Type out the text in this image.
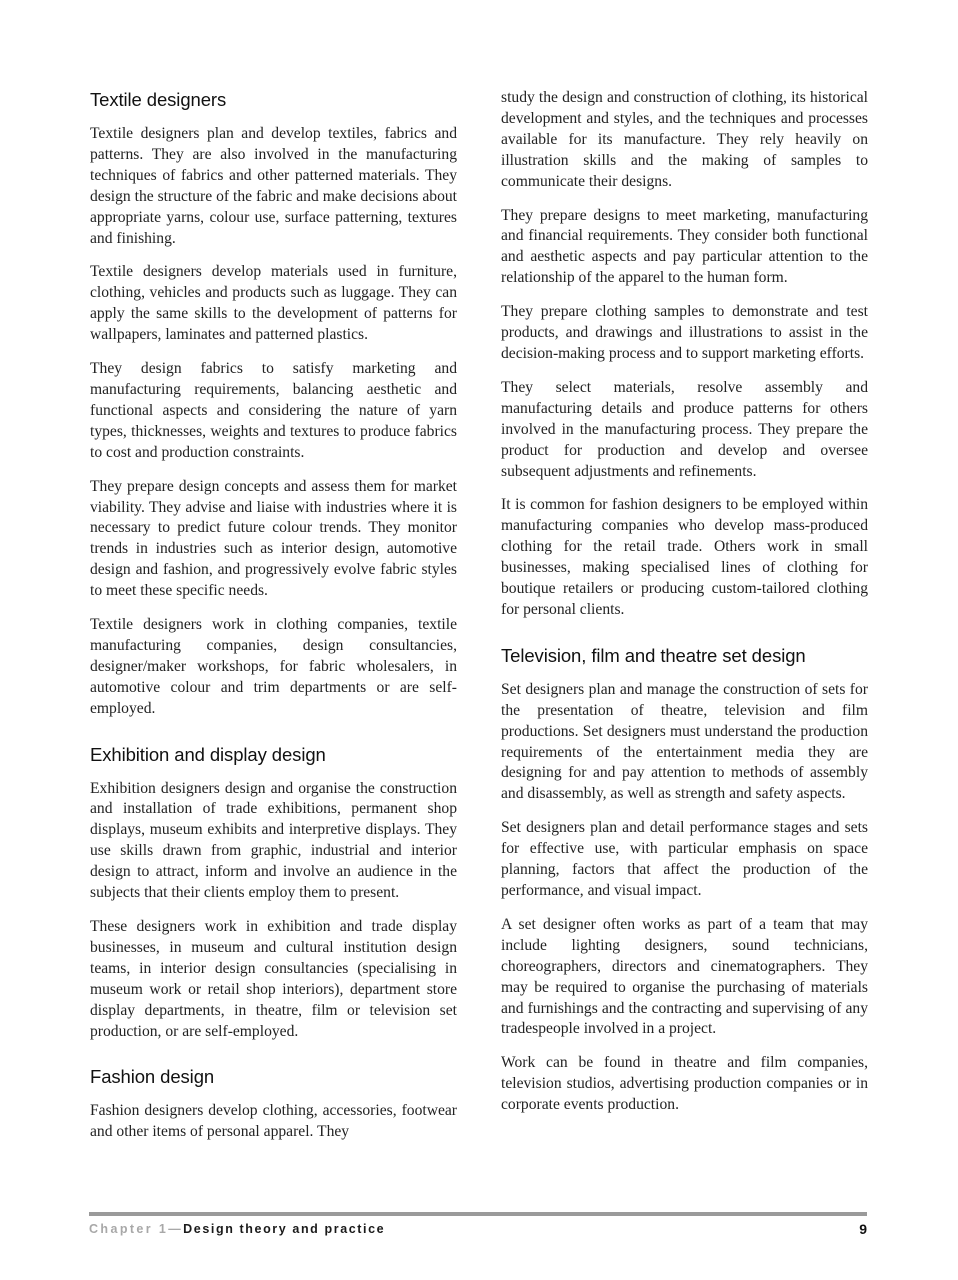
Textile designers

Textile designers plan and develop textiles, fabrics and patterns. They are also involved in the manufacturing techniques of fabrics and other patterned materials. They design the structure of the fabric and make decisions about appropriate yarns, colour use, surface patterning, textures and finishing.

Textile designers develop materials used in furniture, clothing, vehicles and products such as luggage. They can apply the same skills to the development of patterns for wallpapers, laminates and patterned plastics.

They design fabrics to satisfy marketing and manufacturing requirements, balancing aesthetic and functional aspects and considering the nature of yarn types, thicknesses, weights and textures to produce fabrics to cost and production constraints.

They prepare design concepts and assess them for market viability. They advise and liaise with industries where it is necessary to predict future colour trends. They monitor trends in industries such as interior design, automotive design and fashion, and progressively evolve fabric styles to meet these specific needs.

Textile designers work in clothing companies, textile manufacturing companies, design consultancies, designer/maker workshops, for fabric wholesalers, in automotive colour and trim departments or are self-employed.

Exhibition and display design

Exhibition designers design and organise the construction and installation of trade exhibitions, permanent shop displays, museum exhibits and interpretive displays. They use skills drawn from graphic, industrial and interior design to attract, inform and involve an audience in the subjects that their clients employ them to present.

These designers work in exhibition and trade display businesses, in museum and cultural institution design teams, in interior design consultancies (specialising in museum work or retail shop interiors), department store display departments, in theatre, film or television set production, or are self-employed.

Fashion design

Fashion designers develop clothing, accessories, footwear and other items of personal apparel. They

study the design and construction of clothing, its historical development and styles, and the techniques and processes available for its manufacture. They rely heavily on illustration skills and the making of samples to communicate their designs.

They prepare designs to meet marketing, manufacturing and financial requirements. They consider both functional and aesthetic aspects and pay particular attention to the relationship of the apparel to the human form.

They prepare clothing samples to demonstrate and test products, and drawings and illustrations to assist in the decision-making process and to support marketing efforts.

They select materials, resolve assembly and manufacturing details and produce patterns for others involved in the manufacturing process. They prepare the product for production and develop and oversee subsequent adjustments and refinements.

It is common for fashion designers to be employed within manufacturing companies who develop mass-produced clothing for the retail trade. Others work in small businesses, making specialised lines of clothing for boutique retailers or producing custom-tailored clothing for personal clients.

Television, film and theatre set design

Set designers plan and manage the construction of sets for the presentation of theatre, television and film productions. Set designers must understand the production requirements of the entertainment media they are designing for and pay attention to methods of assembly and disassembly, as well as strength and safety aspects.

Set designers plan and detail performance stages and sets for effective use, with particular emphasis on space planning, factors that affect the production of the performance, and visual impact.

A set designer often works as part of a team that may include lighting designers, sound technicians, choreographers, directors and cinematographers. They may be required to organise the purchasing of materials and furnishings and the contracting and supervising of any tradespeople involved in a project.

Work can be found in theatre and film companies, television studios, advertising production companies or in corporate events production.

Chapter 1—Design theory and practice	9
